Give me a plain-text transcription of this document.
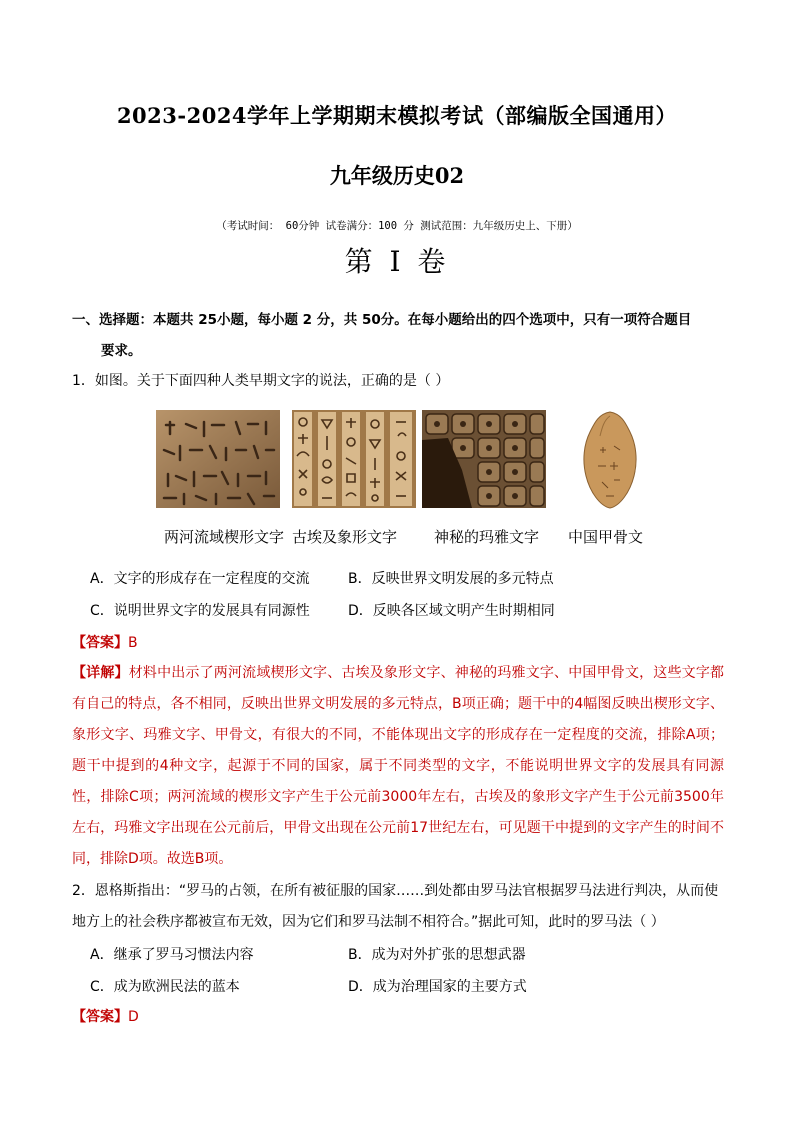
2023-2024学年上学期期末模拟考试（部编版全国通用）
九年级历史02
（考试时间： 60分钟 试卷满分：100 分 测试范围：九年级历史上、下册）
第 I 卷
一、选择题：本题共 25小题，每小题 2 分，共 50分。在每小题给出的四个选项中，只有一项符合题目
要求。
1．如图。关于下面四种人类早期文字的说法，正确的是（ ）
两河流域楔形文字 古埃及象形文字 神秘的玛雅文字 中国甲骨文
A．文字的形成存在一定程度的交流	B．反映世界文明发展的多元特点
C．说明世界文字的发展具有同源性	D．反映各区域文明产生时期相同
【答案】B
【详解】材料中出示了两河流域楔形文字、古埃及象形文字、神秘的玛雅文字、中国甲骨文，这些文字都有自己的特点，各不相同，反映出世界文明发展的多元特点，B项正确；题干中的4幅图反映出楔形文字、象形文字、玛雅文字、甲骨文，有很大的不同，不能体现出文字的形成存在一定程度的交流，排除A项；题干中提到的4种文字，起源于不同的国家，属于不同类型的文字，不能说明世界文字的发展具有同源性，排除C项；两河流域的楔形文字产生于公元前3000年左右，古埃及的象形文字产生于公元前3500年左右，玛雅文字出现在公元前后，甲骨文出现在公元前17世纪左右，可见题干中提到的文字产生的时间不同，排除D项。故选B项。
2．恩格斯指出：“罗马的占领，在所有被征服的国家……到处都由罗马法官根据罗马法进行判决，从而使地方上的社会秩序都被宣布无效，因为它们和罗马法制不相符合。”据此可知，此时的罗马法（ ）
A．继承了罗马习惯法内容	B．成为对外扩张的思想武器
C．成为欧洲民法的蓝本	D．成为治理国家的主要方式
【答案】D
